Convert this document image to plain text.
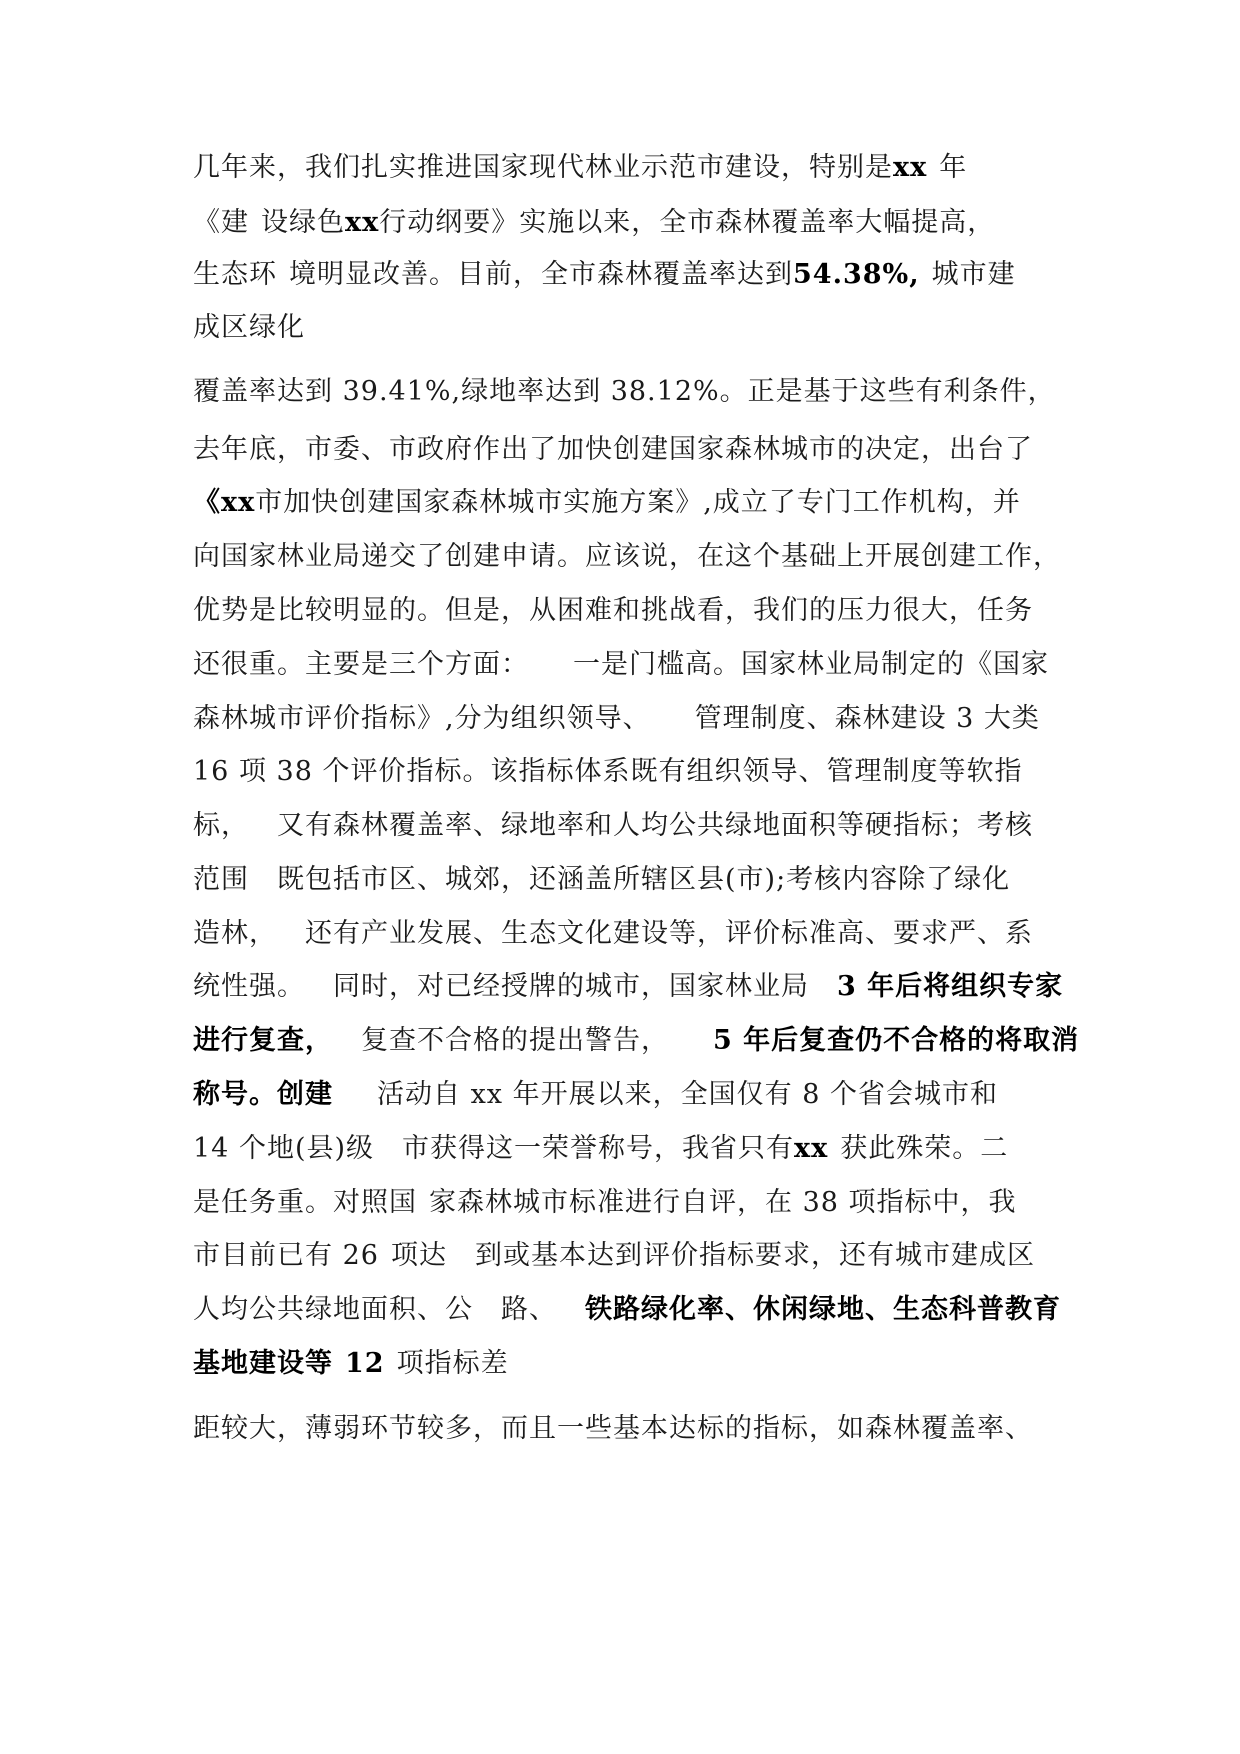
几年来，我们扎实推进国家现代林业示范市建设，特别是xx 年
《建 设绿色xx行动纲要》实施以来，全市森林覆盖率大幅提高，
生态环 境明显改善。目前，全市森林覆盖率达到54.38%, 城市建
成区绿化
覆盖率达到 39.41%,绿地率达到 38.12%。正是基于这些有利条件，
去年底，市委、市政府作出了加快创建国家森林城市的决定，出台了
《xx市加快创建国家森林城市实施方案》,成立了专门工作机构，并
向国家林业局递交了创建申请。应该说，在这个基础上开展创建工作，
优势是比较明显的。但是，从困难和挑战看，我们的压力很大，任务
还很重。主要是三个方面： 一是门槛高。国家林业局制定的《国家
森林城市评价指标》,分为组织领导、 管理制度、森林建设 3 大类
16 项 38 个评价指标。该指标体系既有组织领导、管理制度等软指
标， 又有森林覆盖率、绿地率和人均公共绿地面积等硬指标；考核
范围 既包括市区、城郊，还涵盖所辖区县(市);考核内容除了绿化
造林， 还有产业发展、生态文化建设等，评价标准高、要求严、系
统性强。 同时，对已经授牌的城市，国家林业局 3 年后将组织专家
进行复查， 复查不合格的提出警告， 5 年后复查仍不合格的将取消
称号。创建 活动自 xx 年开展以来，全国仅有 8 个省会城市和
14 个地(县)级 市获得这一荣誉称号，我省只有xx 获此殊荣。二
是任务重。对照国 家森林城市标准进行自评，在 38 项指标中，我
市目前已有 26 项达 到或基本达到评价指标要求，还有城市建成区
人均公共绿地面积、公 路、 铁路绿化率、休闲绿地、生态科普教育
基地建设等 12 项指标差
距较大，薄弱环节较多，而且一些基本达标的指标，如森林覆盖率、
